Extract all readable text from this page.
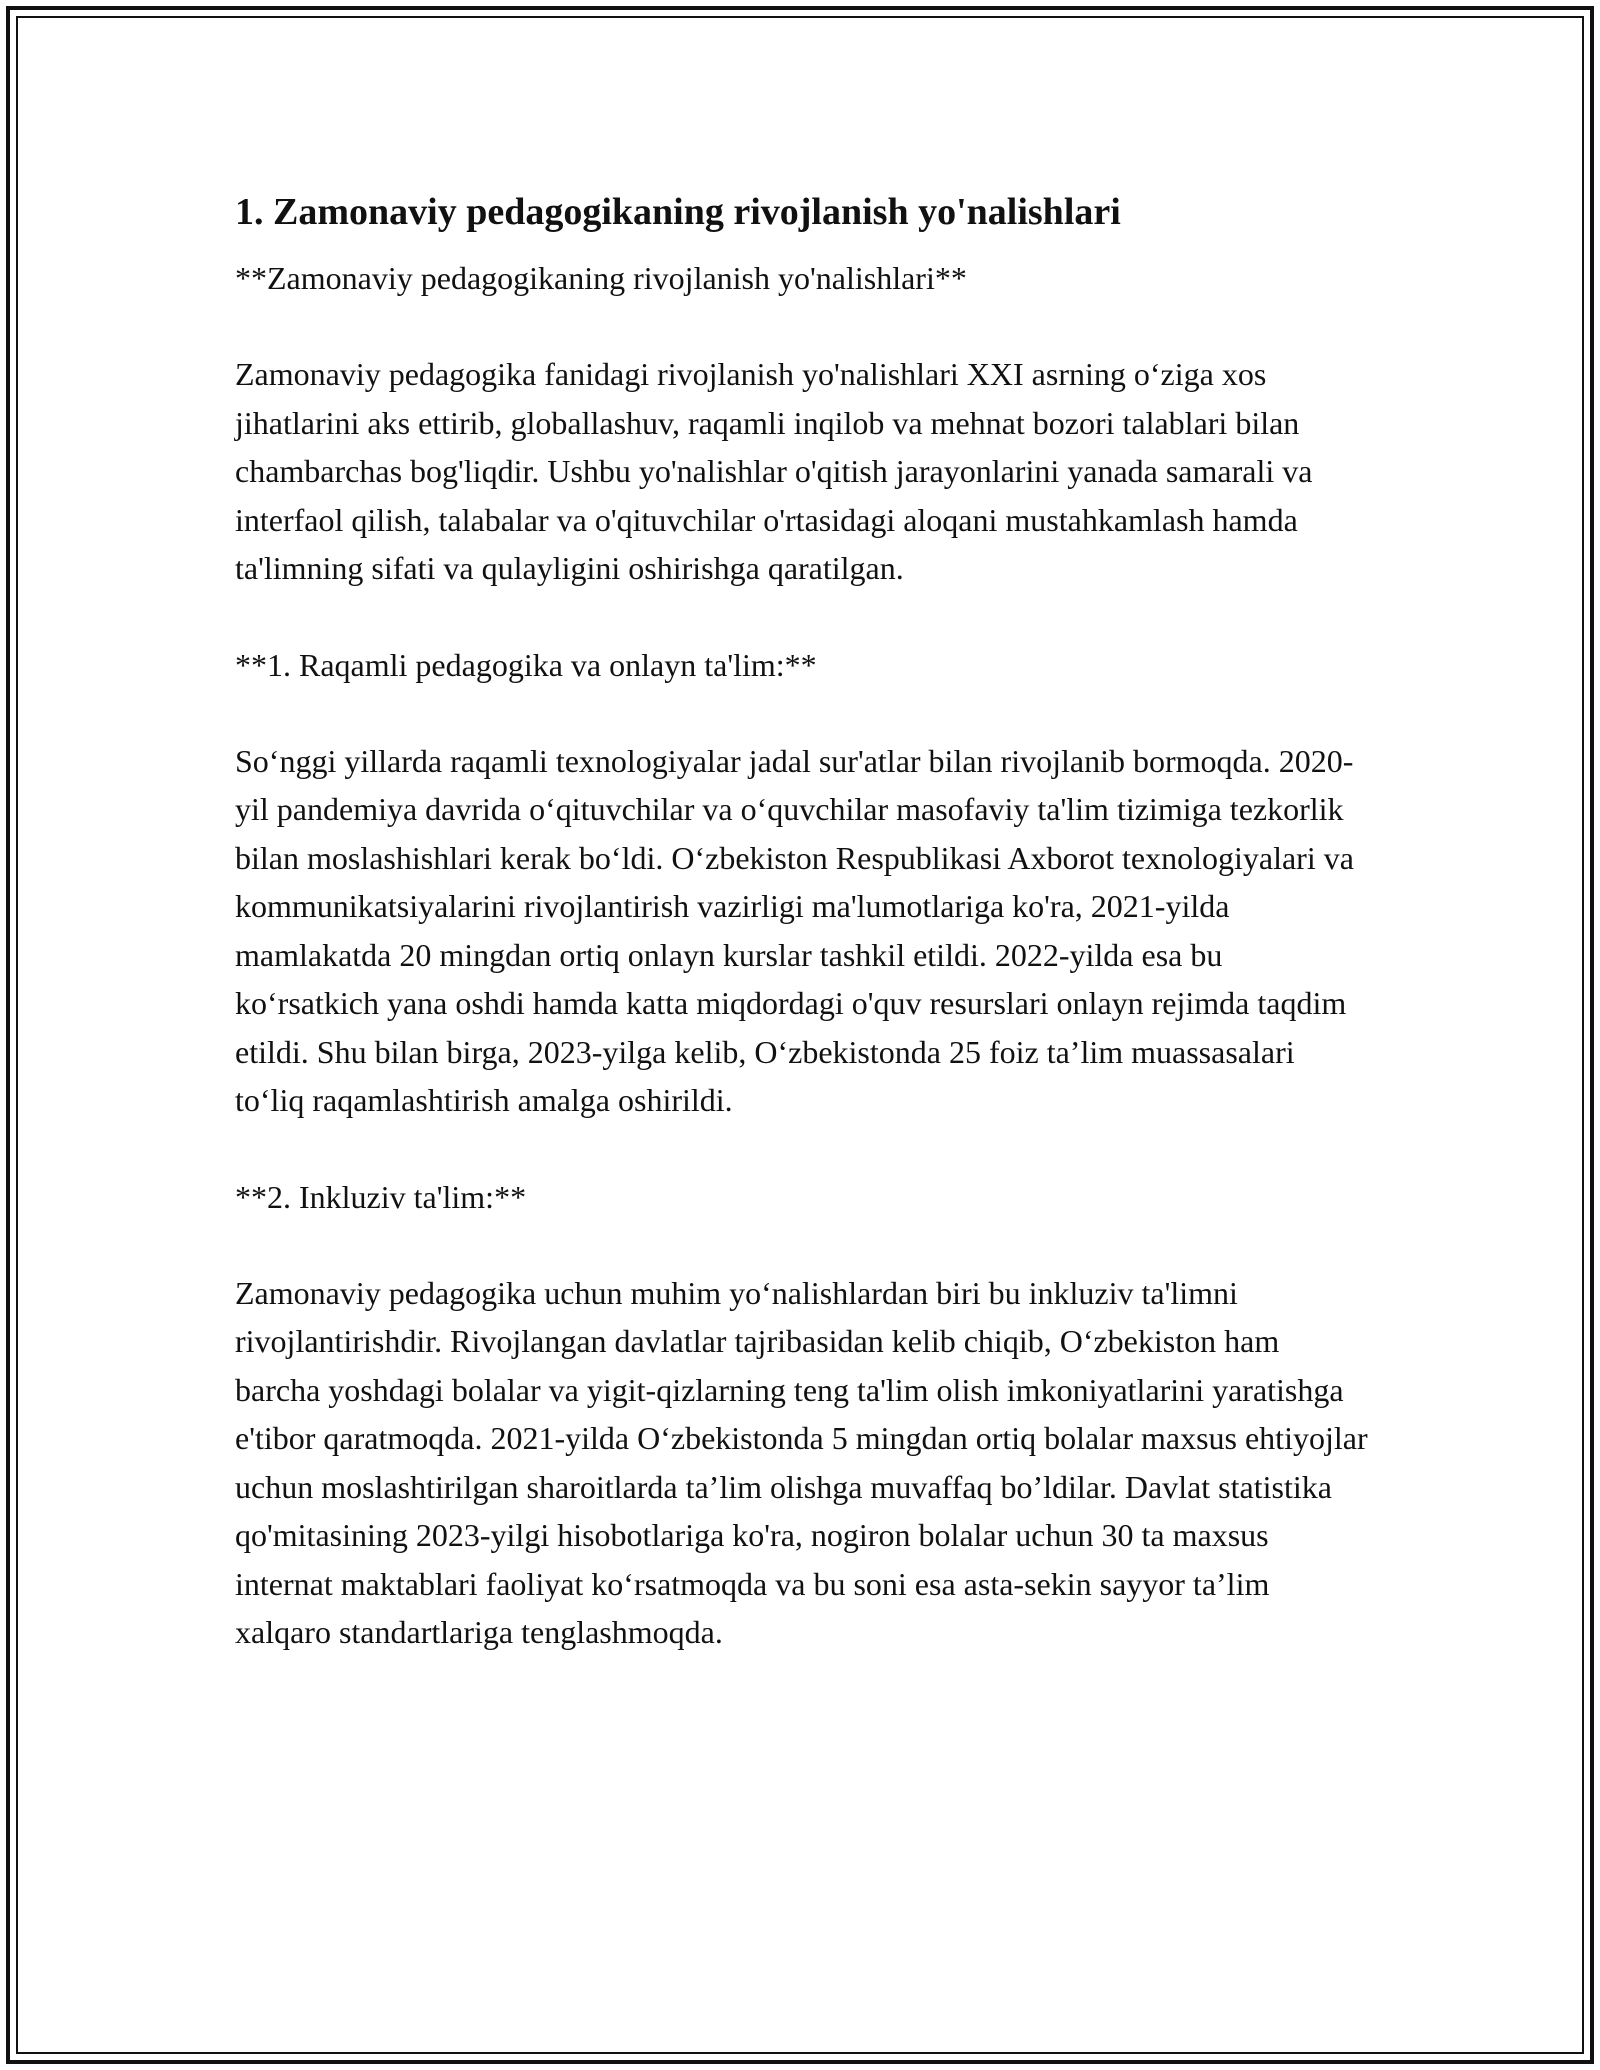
1. Zamonaviy pedagogikaning rivojlanish yo'nalishlari

**Zamonaviy pedagogikaning rivojlanish yo'nalishlari**

Zamonaviy pedagogika fanidagi rivojlanish yo'nalishlari XXI asrning o‘ziga xos jihatlarini aks ettirib, globallashuv, raqamli inqilob va mehnat bozori talablari bilan chambarchas bog'liqdir. Ushbu yo'nalishlar o'qitish jarayonlarini yanada samarali va interfaol qilish, talabalar va o'qituvchilar o'rtasidagi aloqani mustahkamlash hamda ta'limning sifati va qulayligini oshirishga qaratilgan.

**1. Raqamli pedagogika va onlayn ta'lim:**

So‘nggi yillarda raqamli texnologiyalar jadal sur'atlar bilan rivojlanib bormoqda. 2020-yil pandemiya davrida o‘qituvchilar va o‘quvchilar masofaviy ta'lim tizimiga tezkorlik bilan moslashishlari kerak bo‘ldi. O‘zbekiston Respublikasi Axborot texnologiyalari va kommunikatsiyalarini rivojlantirish vazirligi ma'lumotlariga ko'ra, 2021-yilda mamlakatda 20 mingdan ortiq onlayn kurslar tashkil etildi. 2022-yilda esa bu ko‘rsatkich yana oshdi hamda katta miqdordagi o'quv resurslari onlayn rejimda taqdim etildi. Shu bilan birga, 2023-yilga kelib, O‘zbekistonda 25 foiz ta’lim muassasalari to‘liq raqamlashtirish amalga oshirildi.

**2. Inkluziv ta'lim:**

Zamonaviy pedagogika uchun muhim yo‘nalishlardan biri bu inkluziv ta'limni rivojlantirishdir. Rivojlangan davlatlar tajribasidan kelib chiqib, O‘zbekiston ham barcha yoshdagi bolalar va yigit-qizlarning teng ta'lim olish imkoniyatlarini yaratishga e'tibor qaratmoqda. 2021-yilda O‘zbekistonda 5 mingdan ortiq bolalar maxsus ehtiyojlar uchun moslashtirilgan sharoitlarda ta’lim olishga muvaffaq bo’ldilar. Davlat statistika qo'mitasining 2023-yilgi hisobotlariga ko'ra, nogiron bolalar uchun 30 ta maxsus internat maktablari faoliyat ko‘rsatmoqda va bu soni esa asta-sekin sayyor ta’lim xalqaro standartlariga tenglashmoqda.
